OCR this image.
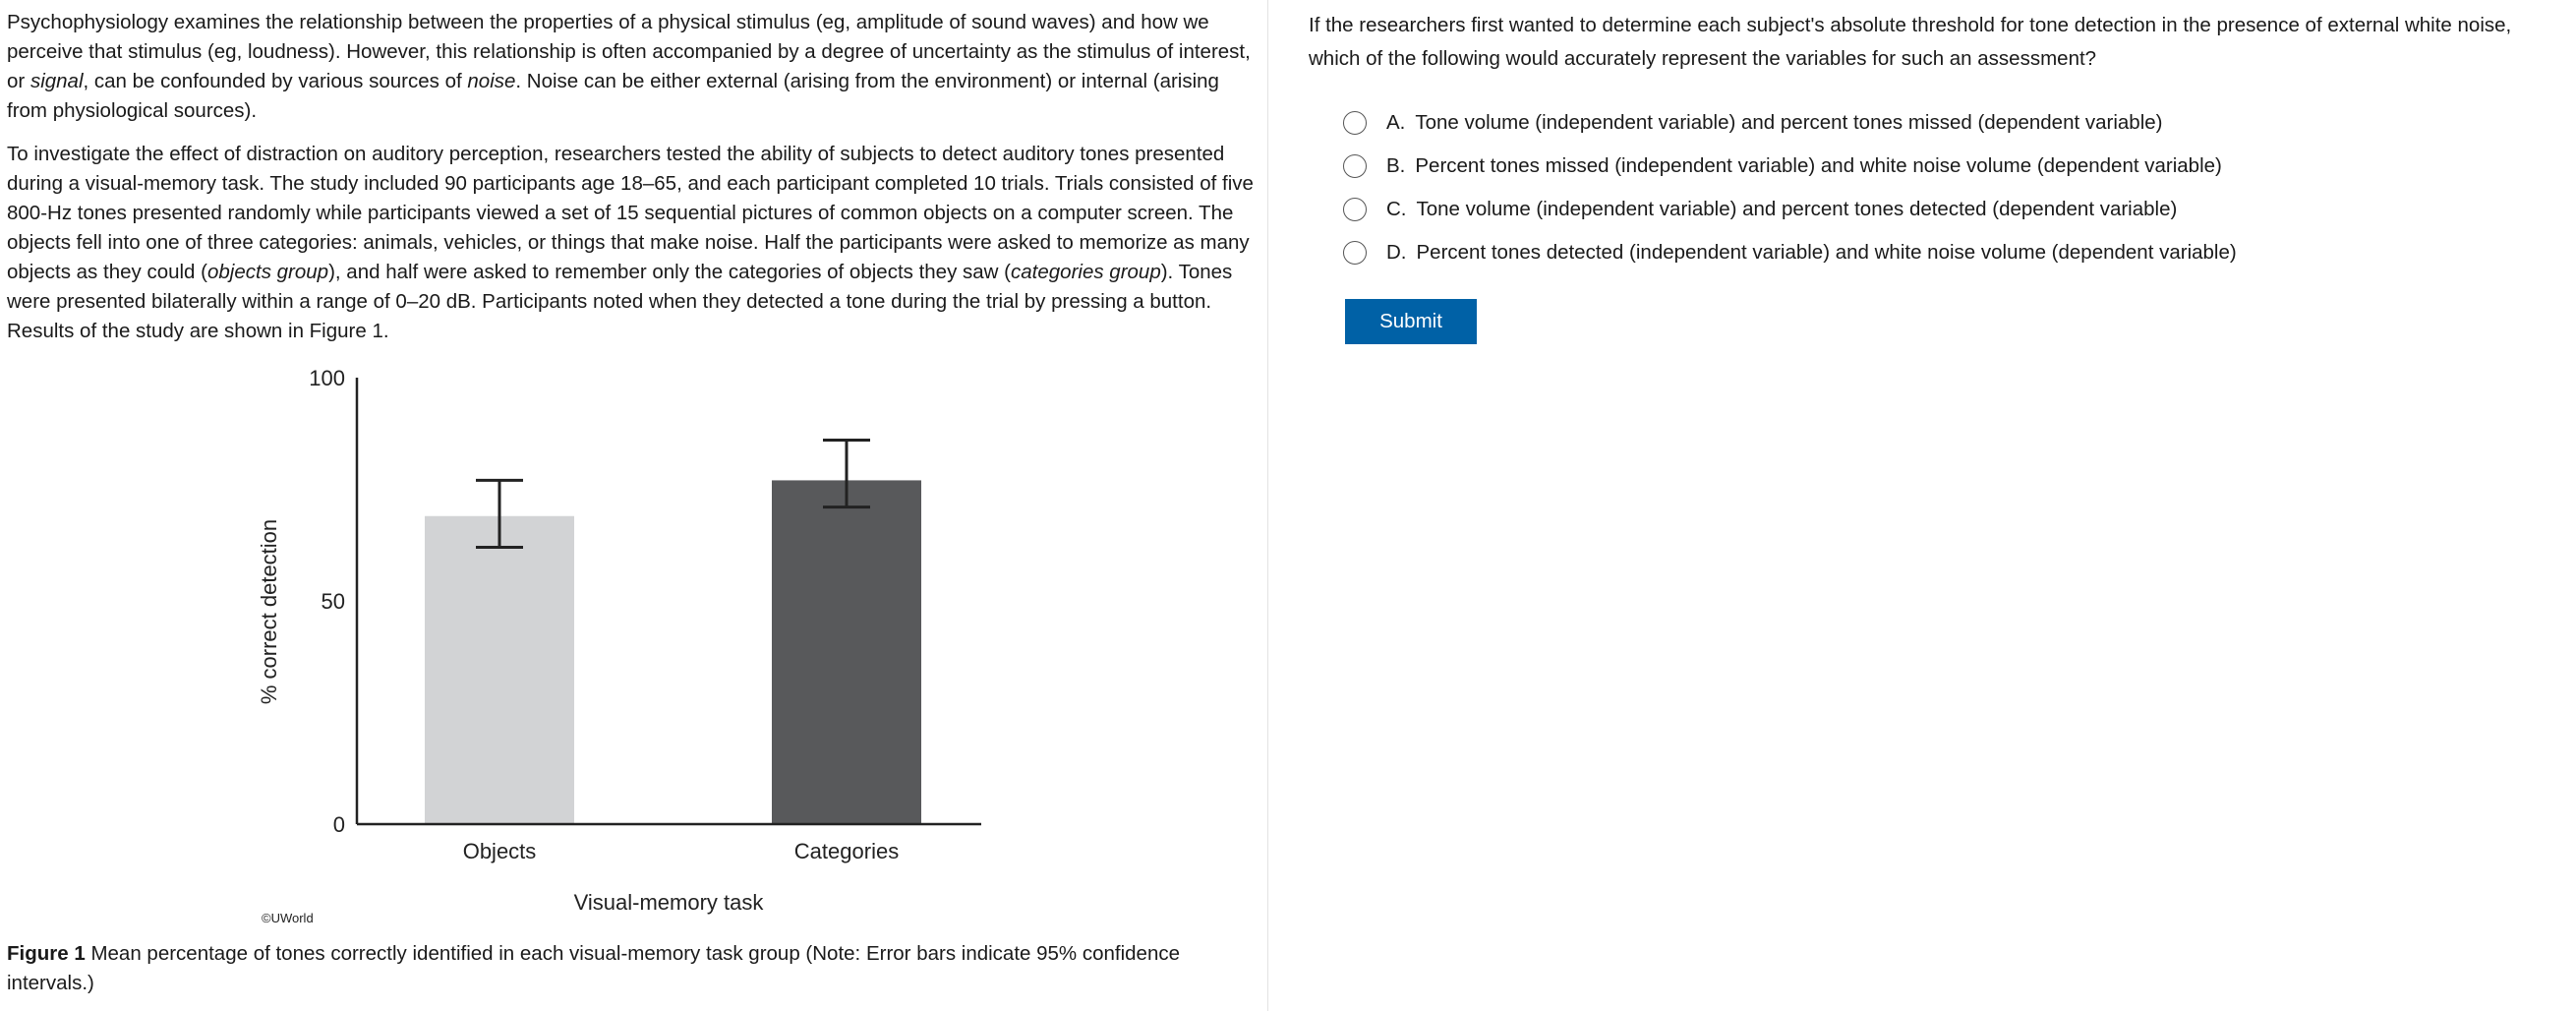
Psychophysiology examines the relationship between the properties of a physical stimulus (eg, amplitude of sound waves) and how we perceive that stimulus (eg, loudness). However, this relationship is often accompanied by a degree of uncertainty as the stimulus of interest, or signal, can be confounded by various sources of noise. Noise can be either external (arising from the environment) or internal (arising from physiological sources).

To investigate the effect of distraction on auditory perception, researchers tested the ability of subjects to detect auditory tones presented during a visual-memory task. The study included 90 participants age 18–65, and each participant completed 10 trials. Trials consisted of five 800-Hz tones presented randomly while participants viewed a set of 15 sequential pictures of common objects on a computer screen. The objects fell into one of three categories: animals, vehicles, or things that make noise. Half the participants were asked to memorize as many objects as they could (objects group), and half were asked to remember only the categories of objects they saw (categories group). Tones were presented bilaterally within a range of 0–20 dB. Participants noted when they detected a tone during the trial by pressing a button. Results of the study are shown in Figure 1.

Objects	Categories
0
50
100
Visual-memory task
% correct detection
©UWorld
Figure 1 Mean percentage of tones correctly identified in each visual-memory task group (Note: Error bars indicate 95% confidence intervals.)
If the researchers first wanted to determine each subject's absolute threshold for tone detection in the presence of external white noise, which of the following would accurately represent the variables for such an assessment?
A. Tone volume (independent variable) and percent tones missed (dependent variable)
B. Percent tones missed (independent variable) and white noise volume (dependent variable)
C. Tone volume (independent variable) and percent tones detected (dependent variable)
D. Percent tones detected (independent variable) and white noise volume (dependent variable)
Submit
